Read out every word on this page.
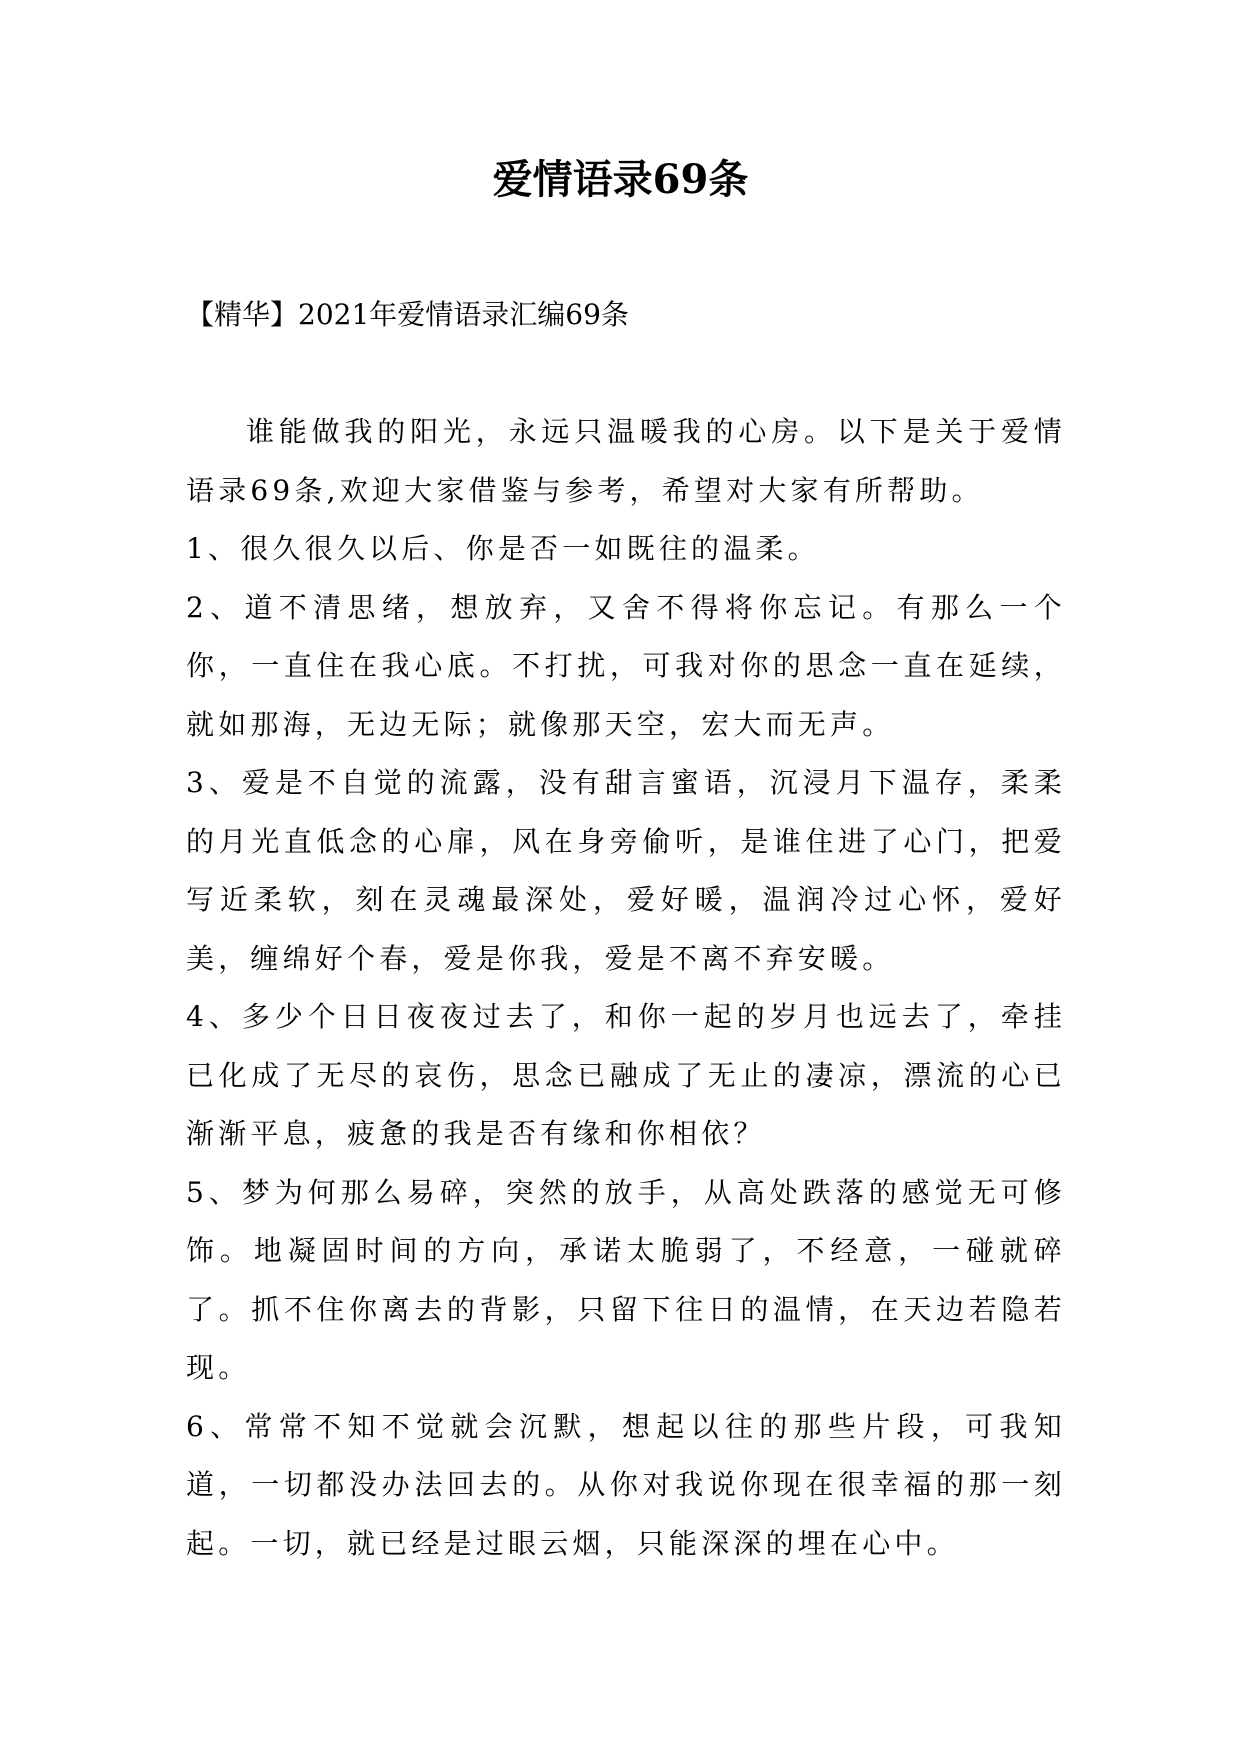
爱情语录69条

【精华】2021年爱情语录汇编69条

谁能做我的阳光，永远只温暖我的心房。以下是关于爱情语录69条,欢迎大家借鉴与参考，希望对大家有所帮助。

1、很久很久以后、你是否一如既往的温柔。

2、道不清思绪，想放弃，又舍不得将你忘记。有那么一个你，一直住在我心底。不打扰，可我对你的思念一直在延续，就如那海，无边无际；就像那天空，宏大而无声。

3、爱是不自觉的流露，没有甜言蜜语，沉浸月下温存，柔柔的月光直低念的心扉，风在身旁偷听，是谁住进了心门，把爱写近柔软，刻在灵魂最深处，爱好暖，温润冷过心怀，爱好美，缠绵好个春，爱是你我，爱是不离不弃安暖。

4、多少个日日夜夜过去了，和你一起的岁月也远去了，牵挂已化成了无尽的哀伤，思念已融成了无止的凄凉，漂流的心已渐渐平息，疲惫的我是否有缘和你相依？

5、梦为何那么易碎，突然的放手，从高处跌落的感觉无可修饰。地凝固时间的方向，承诺太脆弱了，不经意，一碰就碎了。抓不住你离去的背影，只留下往日的温情，在天边若隐若现。

6、常常不知不觉就会沉默，想起以往的那些片段，可我知道，一切都没办法回去的。从你对我说你现在很幸福的那一刻起。一切，就已经是过眼云烟，只能深深的埋在心中。
